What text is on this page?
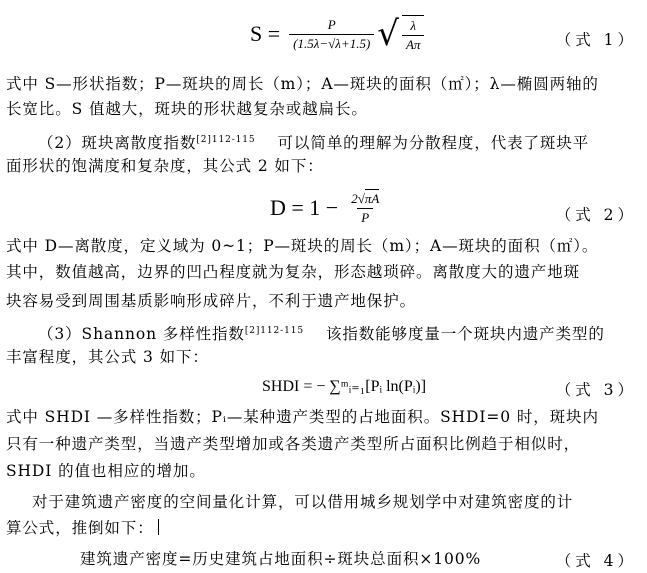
$S = \frac{P}{(1.5\lambda-√\lambda+1.5)}$ √ $\frac{\lambda}{A\pi}$	（式 1）
式中 S—形状指数；P—斑块的周长（m）；A—斑块的面积（㎡）；λ—椭圆两轴的
长宽比。S 值越大，斑块的形状越复杂或越扁长。
（2）斑块离散度指数$^{[2]112-115}$ 可以简单的理解为分散程度，代表了斑块平
面形状的饱满度和复杂度，其公式 2 如下：
$D = 1 - \frac{2√\pi A}{P}$	（式 2）
式中 D—离散度，定义域为 0~1；P—斑块的周长（m）；A—斑块的面积（㎡）。
其中，数值越高，边界的凹凸程度就为复杂，形态越琐碎。离散度大的遗产地斑
块容易受到周围基质影响形成碎片，不利于遗产地保护。
（3）Shannon 多样性指数$^{[2]112-115}$ 该指数能够度量一个斑块内遗产类型的
丰富程度，其公式 3 如下：
SHDI = − ∑ᵐᵢ₌₁[Pᵢ ln(Pᵢ)]	（式 3）
式中 SHDI —多样性指数；Pᵢ—某种遗产类型的占地面积。SHDI=0 时，斑块内
只有一种遗产类型，当遗产类型增加或各类遗产类型所占面积比例趋于相似时，
SHDI 的值也相应的增加。
对于建筑遗产密度的空间量化计算，可以借用城乡规划学中对建筑密度的计
算公式，推倒如下：
建筑遗产密度=历史建筑占地面积÷斑块总面积×100%	（式 4）
